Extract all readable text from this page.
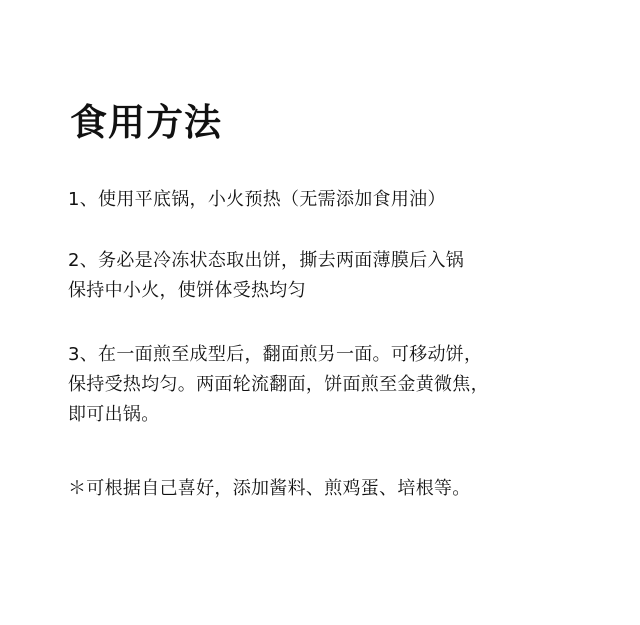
食用方法

1、使用平底锅，小火预热（无需添加食用油）

2、务必是冷冻状态取出饼，撕去两面薄膜后入锅
保持中小火，使饼体受热均匀

3、在一面煎至成型后，翻面煎另一面。可移动饼，
保持受热均匀。两面轮流翻面，饼面煎至金黄微焦，
即可出锅。

＊可根据自己喜好，添加酱料、煎鸡蛋、培根等。
